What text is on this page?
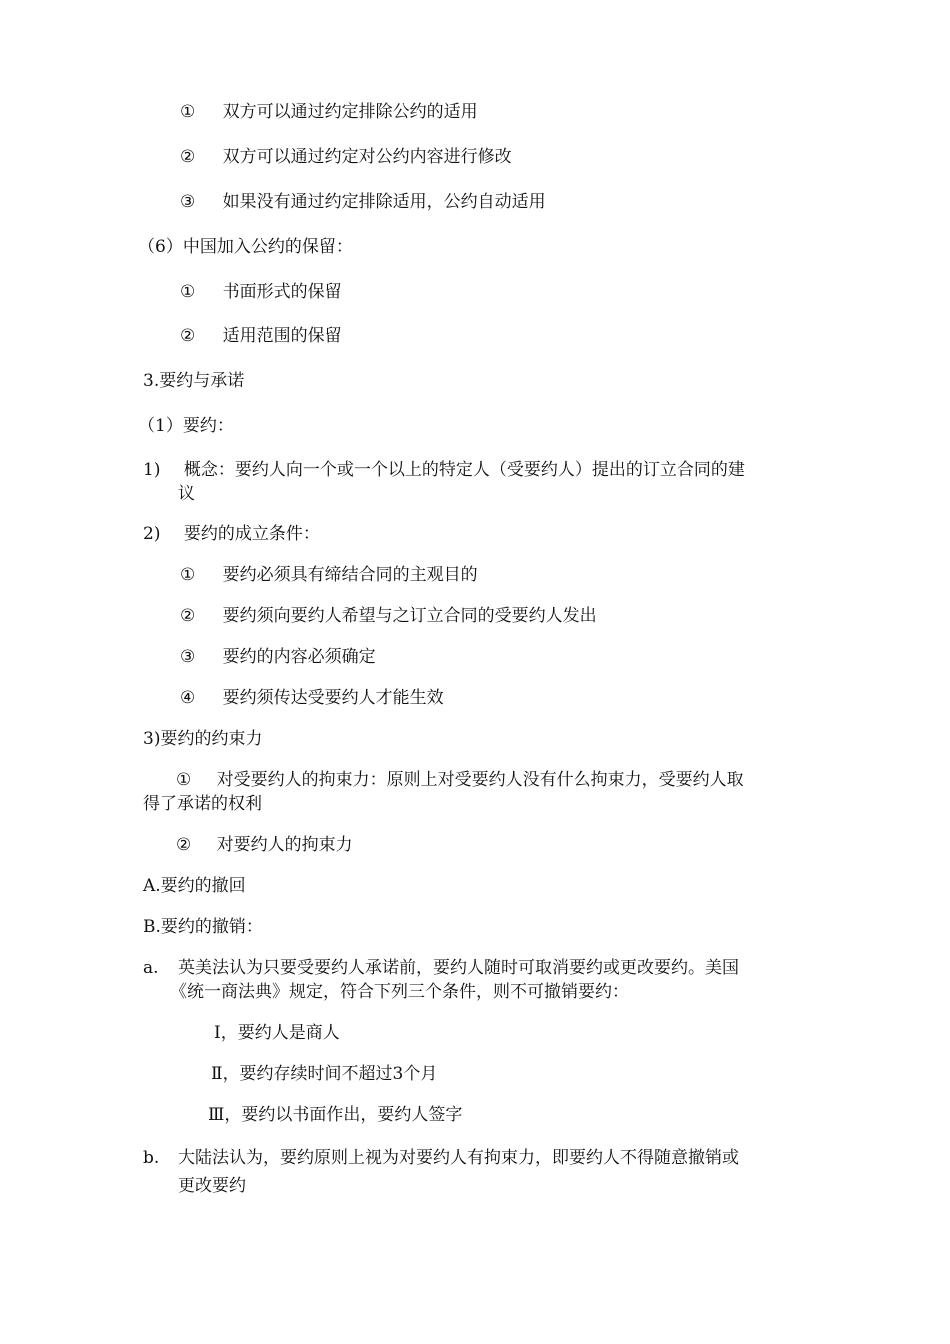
① 双方可以通过约定排除公约的适用
② 双方可以通过约定对公约内容进行修改
③ 如果没有通过约定排除适用，公约自动适用
（6）中国加入公约的保留：
① 书面形式的保留
② 适用范围的保留
3.要约与承诺
（1）要约：
1) 概念：要约人向一个或一个以上的特定人（受要约人）提出的订立合同的建
议
2) 要约的成立条件：
① 要约必须具有缔结合同的主观目的
② 要约须向要约人希望与之订立合同的受要约人发出
③ 要约的内容必须确定
④ 要约须传达受要约人才能生效
3)要约的约束力
① 对受要约人的拘束力：原则上对受要约人没有什么拘束力，受要约人取
得了承诺的权利
② 对要约人的拘束力
A.要约的撤回
B.要约的撤销：
a. 英美法认为只要受要约人承诺前，要约人随时可取消要约或更改要约。美国
《统一商法典》规定，符合下列三个条件，则不可撤销要约：
Ⅰ，要约人是商人
Ⅱ，要约存续时间不超过3个月
Ⅲ，要约以书面作出，要约人签字
b. 大陆法认为，要约原则上视为对要约人有拘束力，即要约人不得随意撤销或
更改要约
